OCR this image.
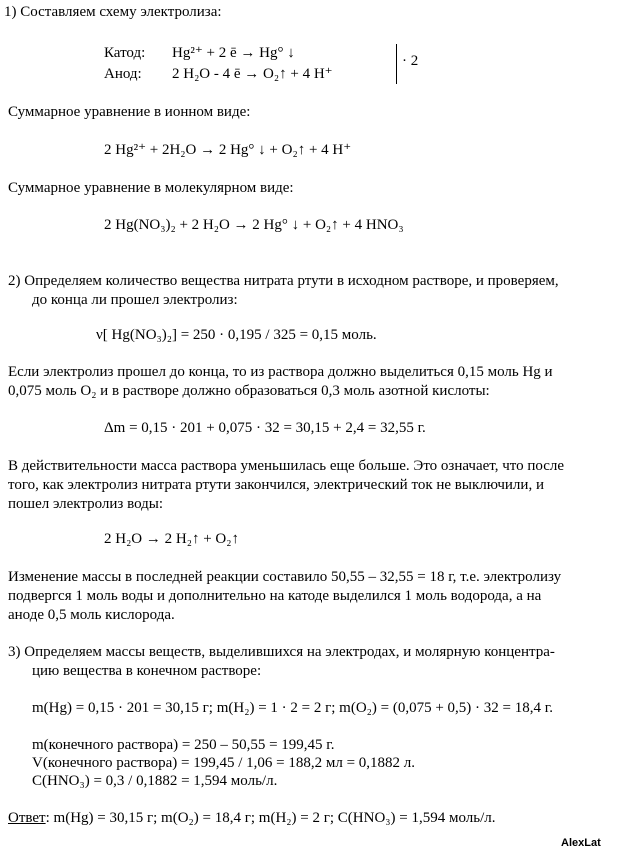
1) Составляем схему электролиза:
Катод: Hg²⁺ + 2 ē → Hg° ↓
Анод: 2 H₂O - 4 ē → O₂↑ + 4 H⁺
· 2
Суммарное уравнение в ионном виде:
2 Hg²⁺ + 2H₂O → 2 Hg° ↓ + O₂↑ + 4 H⁺
Суммарное уравнение в молекулярном виде:
2 Hg(NO₃)₂ + 2 H₂O → 2 Hg° ↓ + O₂↑ + 4 HNO₃
2) Определяем количество вещества нитрата ртути в исходном растворе, и проверяем,
до конца ли прошел электролиз:
ν[ Hg(NO₃)₂] = 250 · 0,195 / 325 = 0,15 моль.
Если электролиз прошел до конца, то из раствора должно выделиться 0,15 моль Hg и
0,075 моль O₂ и в растворе должно образоваться 0,3 моль азотной кислоты:
Δm = 0,15 · 201 + 0,075 · 32 = 30,15 + 2,4 = 32,55 г.
В действительности масса раствора уменьшилась еще больше. Это означает, что после
того, как электролиз нитрата ртути закончился, электрический ток не выключили, и
пошел электролиз воды:
2 H₂O → 2 H₂↑ + O₂↑
Изменение массы в последней реакции составило 50,55 – 32,55 = 18 г, т.е. электролизу
подвергся 1 моль воды и дополнительно на катоде выделился 1 моль водорода, а на
аноде 0,5 моль кислорода.
3) Определяем массы веществ, выделившихся на электродах, и молярную концентра-
цию вещества в конечном растворе:
m(Hg) = 0,15 · 201 = 30,15 г; m(H₂) = 1 · 2 = 2 г; m(O₂) = (0,075 + 0,5) · 32 = 18,4 г.
m(конечного раствора) = 250 – 50,55 = 199,45 г.
V(конечного раствора) = 199,45 / 1,06 = 188,2 мл = 0,1882 л.
C(HNO₃) = 0,3 / 0,1882 = 1,594 моль/л.
Ответ: m(Hg) = 30,15 г; m(O₂) = 18,4 г; m(H₂) = 2 г; C(HNO₃) = 1,594 моль/л.
AlexLat
